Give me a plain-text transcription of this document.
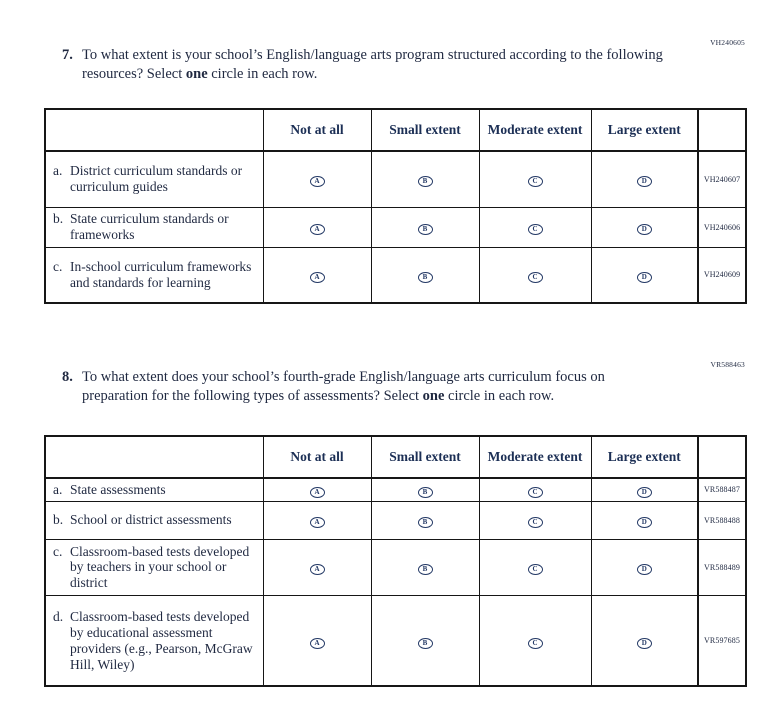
VH240605
7. To what extent is your school’s English/language arts program structured according to the following resources? Select one circle in each row.
	Not at all	Small extent	Moderate extent	Large extent	

a. District curriculum standards or curriculum guides	A	B	C	D	VH240607

b. State curriculum standards or frameworks	A	B	C	D	VH240606

c. In-school curriculum frameworks and standards for learning	A	B	C	D	VH240609
VR588463
8. To what extent does your school’s fourth-grade English/language arts curriculum focus on preparation for the following types of assessments? Select one circle in each row.
	Not at all	Small extent	Moderate extent	Large extent	

a. State assessments	A	B	C	D	VR588487

b. School or district assessments	A	B	C	D	VR588488

c. Classroom-based tests developed by teachers in your school or district	A	B	C	D	VR588489

d. Classroom-based tests developed by educational assessment providers (e.g., Pearson, McGraw Hill, Wiley)	A	B	C	D	VR597685
